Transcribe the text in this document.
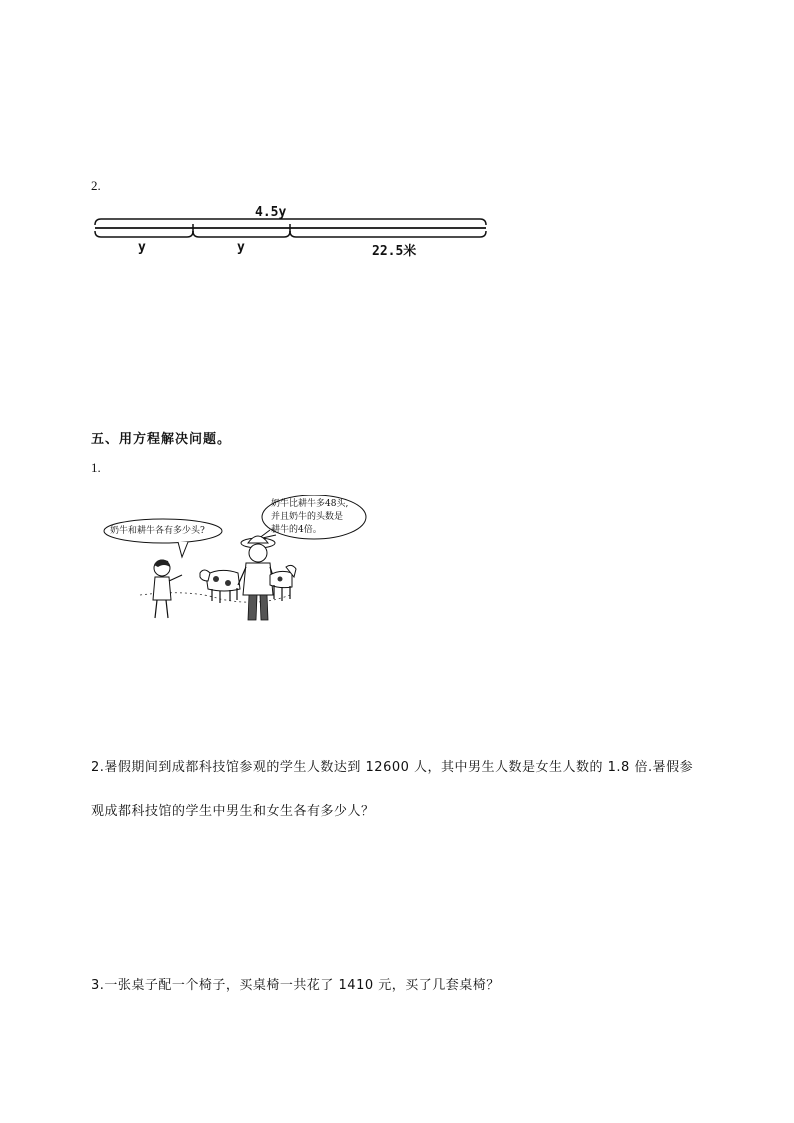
2.
4.5y
y	y	22.5米
五、用方程解决问题。
1.
奶牛和耕牛各有多少头?
奶牛比耕牛多48头,
并且奶牛的头数是
耕牛的4倍。
2.暑假期间到成都科技馆参观的学生人数达到 12600 人，其中男生人数是女生人数的 1.8 倍.暑假参
观成都科技馆的学生中男生和女生各有多少人？
3.一张桌子配一个椅子，买桌椅一共花了 1410 元，买了几套桌椅？
